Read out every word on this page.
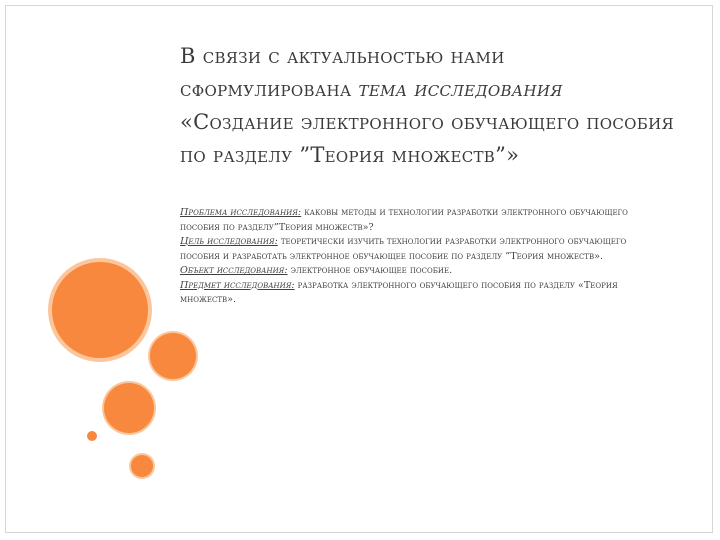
В связи с актуальностью нами сформулирована тема исследования «Создание электронного обучающего пособия по разделу ”Теория множеств”»

Проблема исследования: каковы методы и технологии разработки электронного обучающего пособия по разделу”Теория множеств»?

Цель исследования: теоретически изучить технологии разработки электронного обучающего пособия и разработать электронное обучающее пособие по разделу ”Теория множеств».

Объект исследования: электронное обучающее пособие.

Предмет исследования: разработка электронного обучающего пособия по разделу «Теория множеств».
